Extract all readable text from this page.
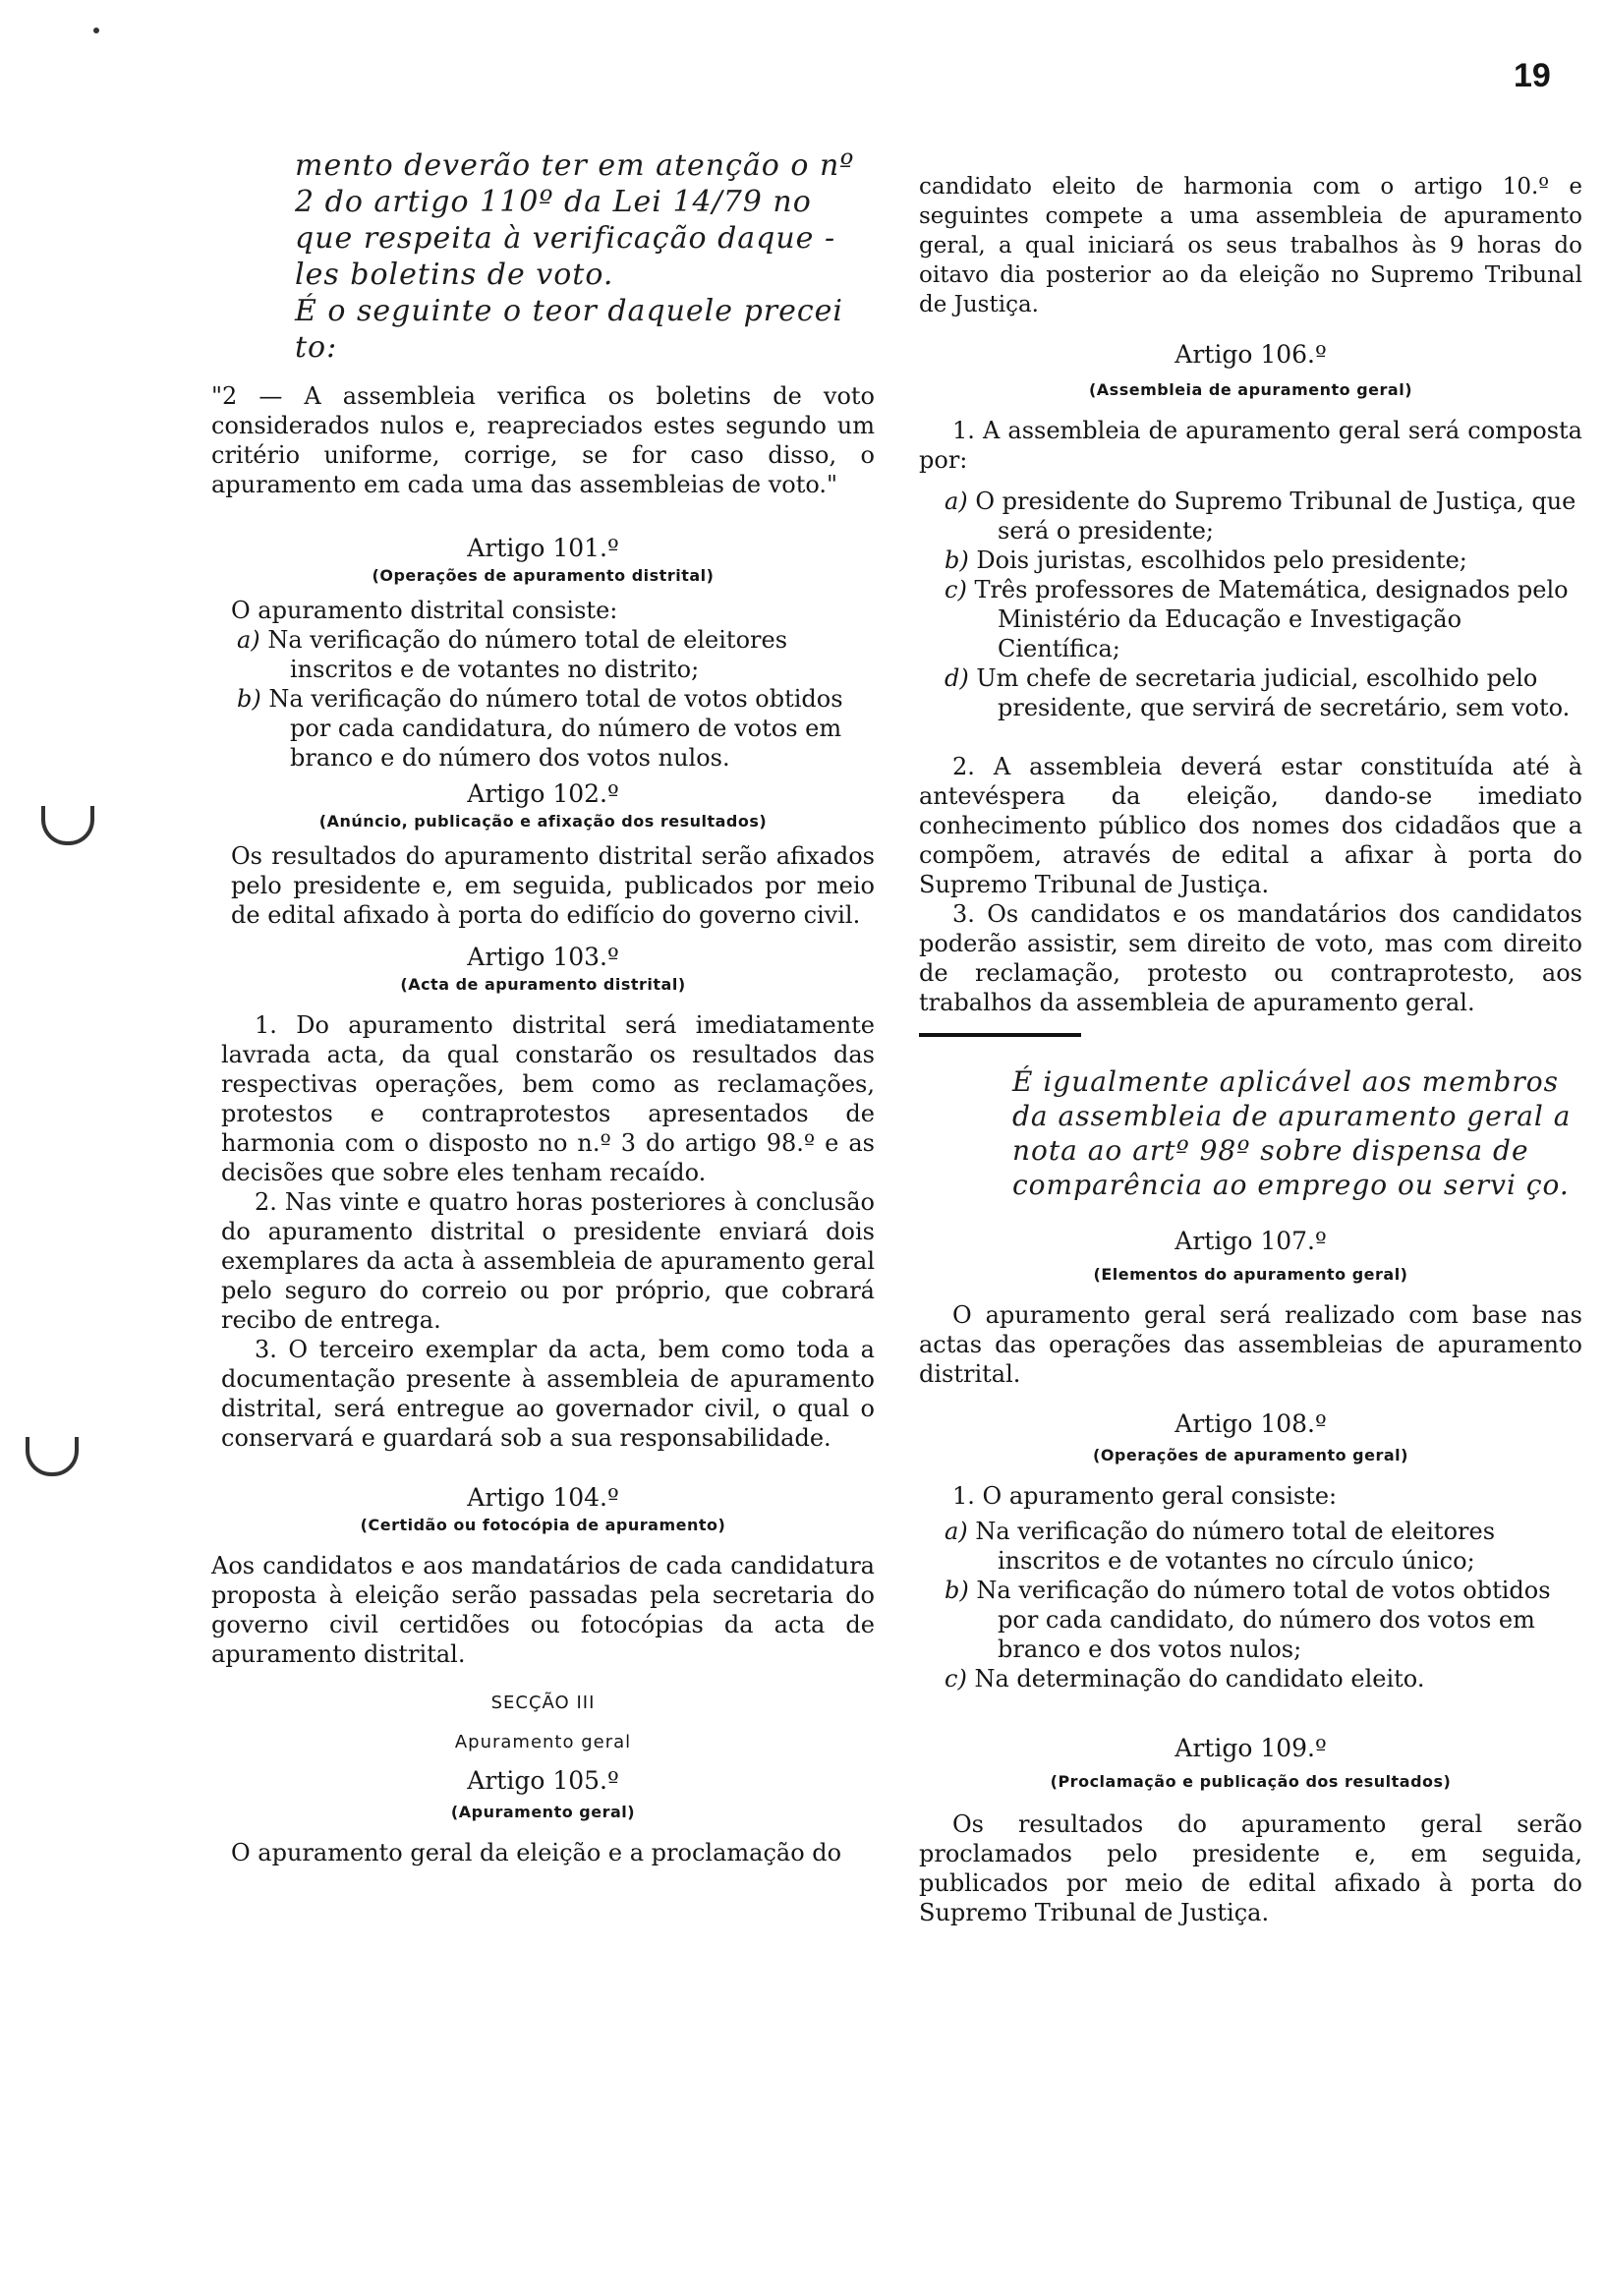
19

mento deverão ter em atenção o nº 2 do artigo 110º da Lei 14/79 no que respeita à verificação daque - les boletins de voto.

É o seguinte o teor daquele precei to:

"2 — A assembleia verifica os boletins de voto considerados nulos e, reapreciados estes segundo um critério uniforme, corrige, se for caso disso, o apuramento em cada uma das assembleias de voto."

Artigo 101.º

(Operações de apuramento distrital)

O apuramento distrital consiste:

a) Na verificação do número total de eleitores inscritos e de votantes no distrito;

b) Na verificação do número total de votos obtidos por cada candidatura, do número de votos em branco e do número dos votos nulos.

Artigo 102.º

(Anúncio, publicação e afixação dos resultados)

Os resultados do apuramento distrital serão afixados pelo presidente e, em seguida, publicados por meio de edital afixado à porta do edifício do governo civil.

Artigo 103.º

(Acta de apuramento distrital)

1. Do apuramento distrital será imediatamente lavrada acta, da qual constarão os resultados das respectivas operações, bem como as reclamações, protestos e contraprotestos apresentados de harmonia com o disposto no n.º 3 do artigo 98.º e as decisões que sobre eles tenham recaído.

2. Nas vinte e quatro horas posteriores à conclusão do apuramento distrital o presidente enviará dois exemplares da acta à assembleia de apuramento geral pelo seguro do correio ou por próprio, que cobrará recibo de entrega.

3. O terceiro exemplar da acta, bem como toda a documentação presente à assembleia de apuramento distrital, será entregue ao governador civil, o qual o conservará e guardará sob a sua responsabilidade.

Artigo 104.º

(Certidão ou fotocópia de apuramento)

Aos candidatos e aos mandatários de cada candidatura proposta à eleição serão passadas pela secretaria do governo civil certidões ou fotocópias da acta de apuramento distrital.

SECÇÃO III

Apuramento geral

Artigo 105.º

(Apuramento geral)

O apuramento geral da eleição e a proclamação do

candidato eleito de harmonia com o artigo 10.º e seguintes compete a uma assembleia de apuramento geral, a qual iniciará os seus trabalhos às 9 horas do oitavo dia posterior ao da eleição no Supremo Tribunal de Justiça.

Artigo 106.º

(Assembleia de apuramento geral)

1. A assembleia de apuramento geral será composta por:

a) O presidente do Supremo Tribunal de Justiça, que será o presidente;

b) Dois juristas, escolhidos pelo presidente;

c) Três professores de Matemática, designados pelo Ministério da Educação e Investigação Científica;

d) Um chefe de secretaria judicial, escolhido pelo presidente, que servirá de secretário, sem voto.

2. A assembleia deverá estar constituída até à antevéspera da eleição, dando-se imediato conhecimento público dos nomes dos cidadãos que a compõem, através de edital a afixar à porta do Supremo Tribunal de Justiça.

3. Os candidatos e os mandatários dos candidatos poderão assistir, sem direito de voto, mas com direito de reclamação, protesto ou contraprotesto, aos trabalhos da assembleia de apuramento geral.

É igualmente aplicável aos membros da assembleia de apuramento geral a nota ao artº 98º sobre dispensa de comparência ao emprego ou servi ço.

Artigo 107.º

(Elementos do apuramento geral)

O apuramento geral será realizado com base nas actas das operações das assembleias de apuramento distrital.

Artigo 108.º

(Operações de apuramento geral)

1. O apuramento geral consiste:

a) Na verificação do número total de eleitores inscritos e de votantes no círculo único;

b) Na verificação do número total de votos obtidos por cada candidato, do número dos votos em branco e dos votos nulos;

c) Na determinação do candidato eleito.

Artigo 109.º

(Proclamação e publicação dos resultados)

Os resultados do apuramento geral serão proclamados pelo presidente e, em seguida, publicados por meio de edital afixado à porta do Supremo Tribunal de Justiça.
